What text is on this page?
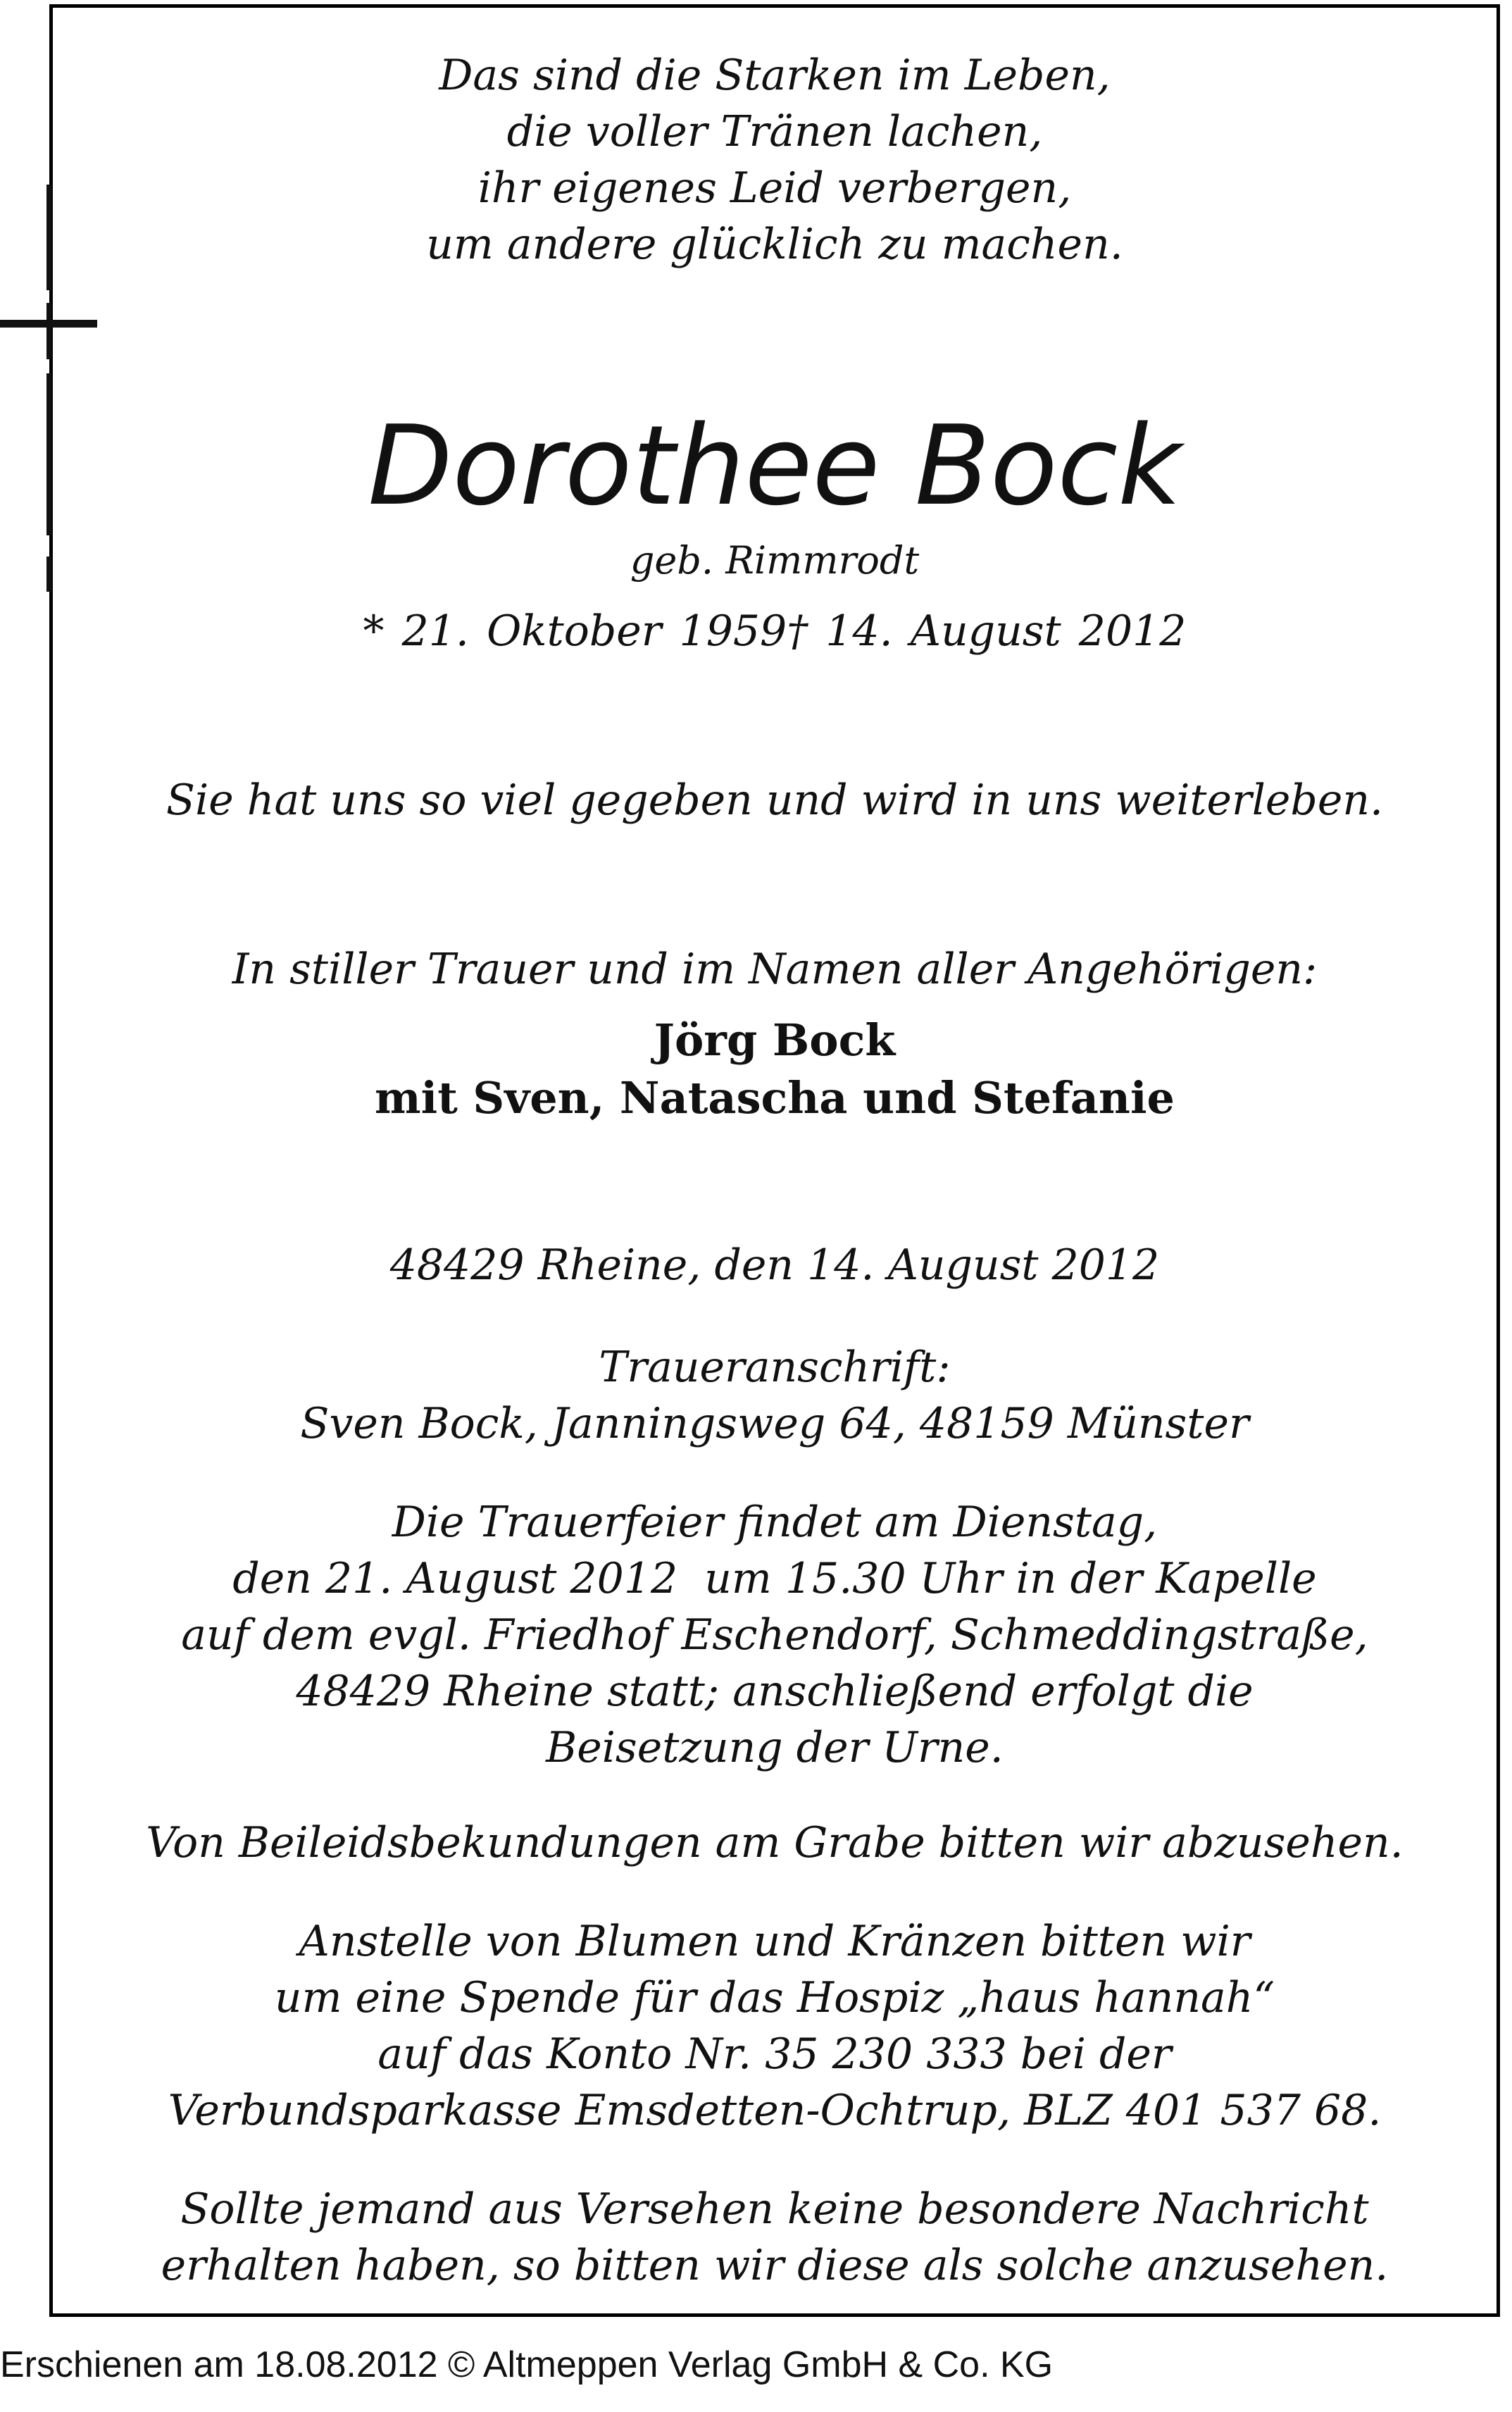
Das sind die Starken im Leben,
die voller Tränen lachen,
ihr eigenes Leid verbergen,
um andere glücklich zu machen.
Dorothee Bock
geb. Rimmrodt
* 21. Oktober 1959† 14. August 2012
Sie hat uns so viel gegeben und wird in uns weiterleben.
In stiller Trauer und im Namen aller Angehörigen:
Jörg Bock
mit Sven, Natascha und Stefanie
48429 Rheine, den 14. August 2012
Traueranschrift:
Sven Bock, Janningsweg 64, 48159 Münster
Die Trauerfeier findet am Dienstag,
den 21. August 2012  um 15.30 Uhr in der Kapelle
auf dem evgl. Friedhof Eschendorf, Schmeddingstraße,
48429 Rheine statt; anschließend erfolgt die
Beisetzung der Urne.
Von Beileidsbekundungen am Grabe bitten wir abzusehen.
Anstelle von Blumen und Kränzen bitten wir
um eine Spende für das Hospiz „haus hannah“
auf das Konto Nr. 35 230 333 bei der
Verbundsparkasse Emsdetten-Ochtrup, BLZ 401 537 68.
Sollte jemand aus Versehen keine besondere Nachricht
erhalten haben, so bitten wir diese als solche anzusehen.
Erschienen am 18.08.2012 © Altmeppen Verlag GmbH & Co. KG
